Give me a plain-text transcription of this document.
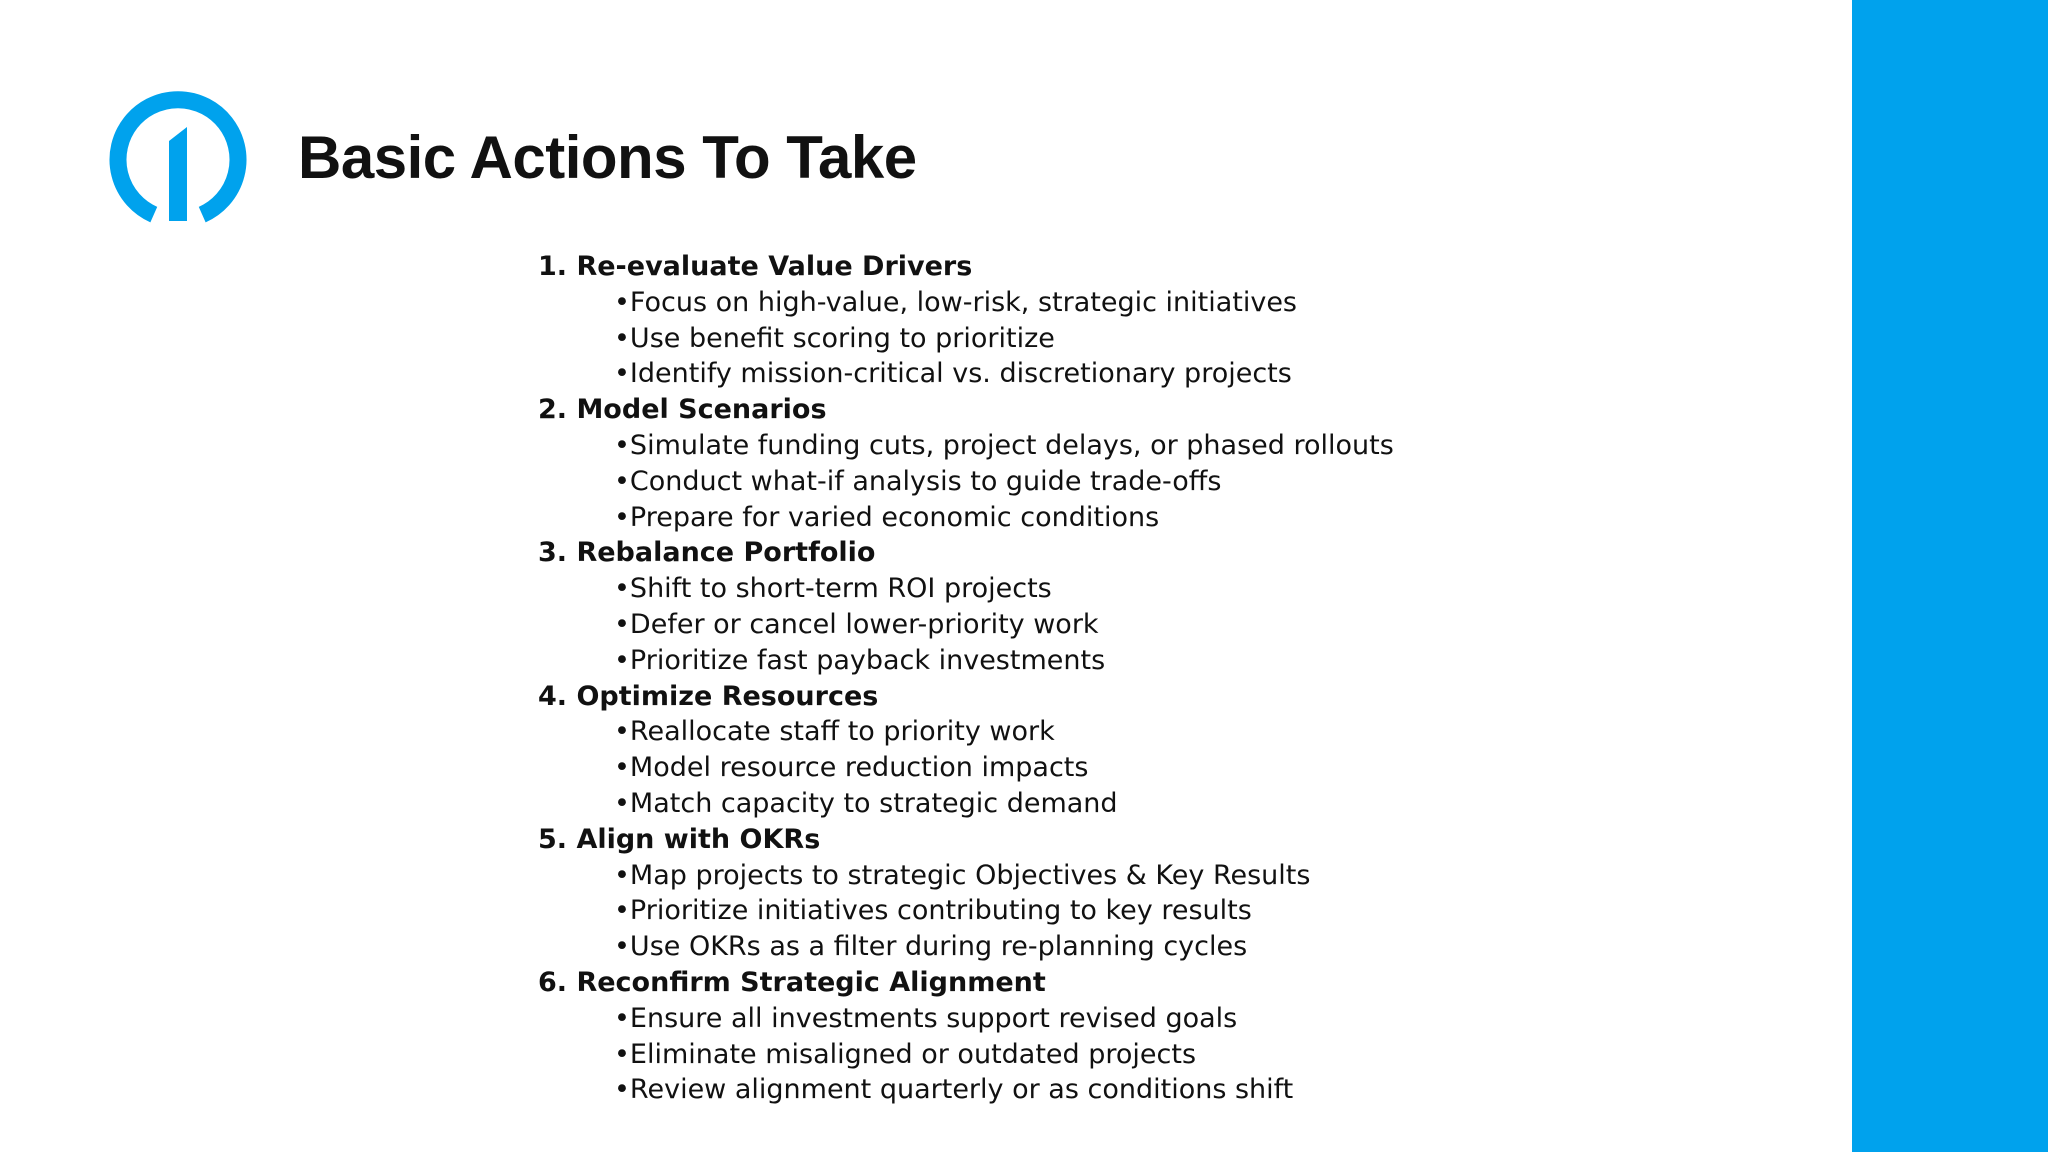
Basic Actions To Take
1. Re-evaluate Value Drivers
•Focus on high-value, low-risk, strategic initiatives
•Use benefit scoring to prioritize
•Identify mission-critical vs. discretionary projects
2. Model Scenarios
•Simulate funding cuts, project delays, or phased rollouts
•Conduct what-if analysis to guide trade-offs
•Prepare for varied economic conditions
3. Rebalance Portfolio
•Shift to short-term ROI projects
•Defer or cancel lower-priority work
•Prioritize fast payback investments
4. Optimize Resources
•Reallocate staff to priority work
•Model resource reduction impacts
•Match capacity to strategic demand
5. Align with OKRs
•Map projects to strategic Objectives & Key Results
•Prioritize initiatives contributing to key results
•Use OKRs as a filter during re-planning cycles
6. Reconfirm Strategic Alignment
•Ensure all investments support revised goals
•Eliminate misaligned or outdated projects
•Review alignment quarterly or as conditions shift
